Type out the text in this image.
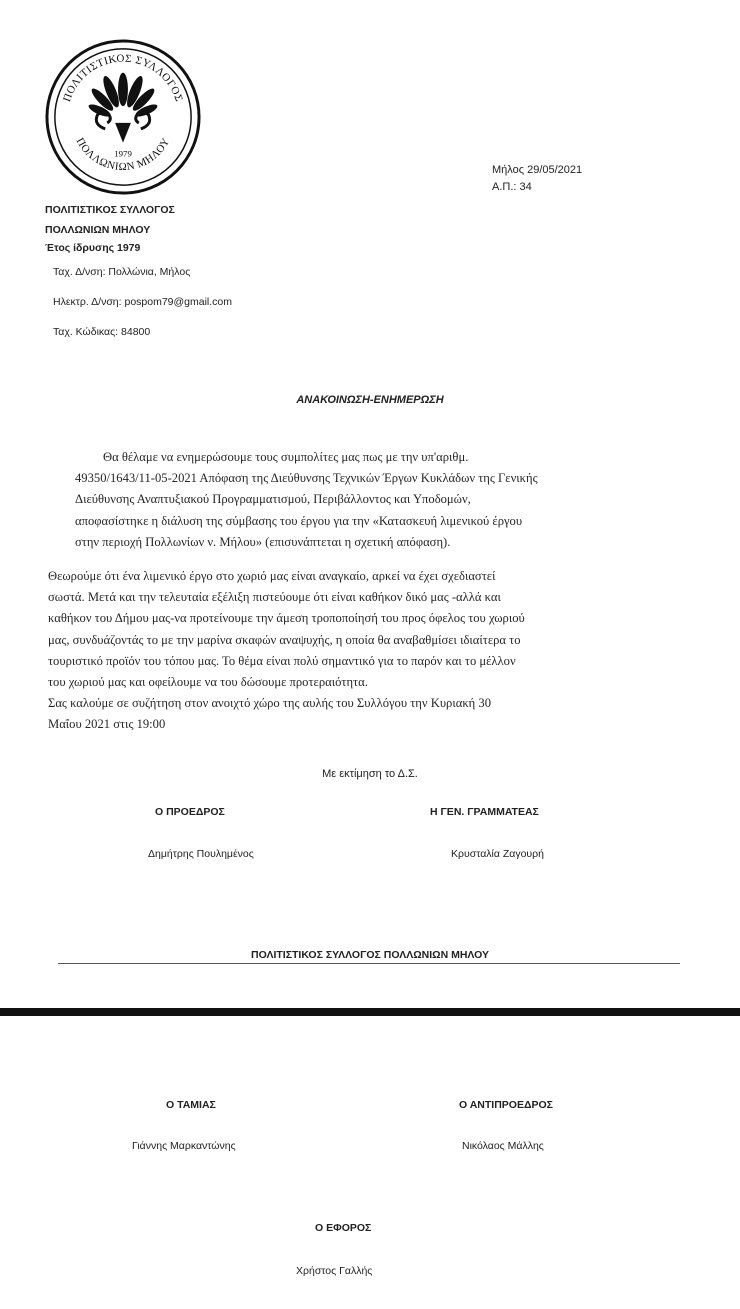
ΠΟΛΙΤΙΣΤΙΚΟΣ ΣΥΛΛΟΓΟΣ
ΠΟΛΛΩΝΙΩΝ ΜΗΛΟΥ
1979
Μήλος 29/05/2021
Α.Π.: 34
ΠΟΛΙΤΙΣΤΙΚΟΣ ΣΥΛΛΟΓΟΣ
ΠΟΛΛΩΝΙΩΝ ΜΗΛΟΥ
Έτος ίδρυσης 1979
Ταχ. Δ/νση: Πολλώνια, Μήλος
Ηλεκτρ. Δ/νση: pospom79@gmail.com
Ταχ. Κώδικας: 84800
ΑΝΑΚΟΙΝΩΣΗ-ΕΝΗΜΕΡΩΣΗ
Θα θέλαμε να ενημερώσουμε τους συμπολίτες μας πως με την υπ'αριθμ.
49350/1643/11-05-2021 Απόφαση της Διεύθυνσης Τεχνικών Έργων Κυκλάδων της Γενικής
Διεύθυνσης Αναπτυξιακού Προγραμματισμού, Περιβάλλοντος και Υποδομών,
αποφασίστηκε η διάλυση της σύμβασης του έργου για την «Κατασκευή λιμενικού έργου
στην περιοχή Πολλωνίων ν. Μήλου» (επισυνάπτεται η σχετική απόφαση).
Θεωρούμε ότι ένα λιμενικό έργο στο χωριό μας είναι αναγκαίο, αρκεί να έχει σχεδιαστεί
σωστά. Μετά και την τελευταία εξέλιξη πιστεύουμε ότι είναι καθήκον δικό μας -αλλά και
καθήκον του Δήμου μας-να προτείνουμε την άμεση τροποποίησή του προς όφελος του χωριού
μας, συνδυάζοντάς το με την μαρίνα σκαφών αναψυχής, η οποία θα αναβαθμίσει ιδιαίτερα το
τουριστικό προϊόν του τόπου μας. Το θέμα είναι πολύ σημαντικό για το παρόν και το μέλλον
του χωριού μας και οφείλουμε να του δώσουμε προτεραιότητα.
Σας καλούμε σε συζήτηση στον ανοιχτό χώρο της αυλής του Συλλόγου την Κυριακή 30
Μαΐου 2021 στις 19:00
Με εκτίμηση το Δ.Σ.
Ο ΠΡΟΕΔΡΟΣ	Η ΓΕΝ. ΓΡΑΜΜΑΤΕΑΣ
Δημήτρης Πουλημένος	Κρυσταλία Ζαγουρή
ΠΟΛΙΤΙΣΤΙΚΟΣ ΣΥΛΛΟΓΟΣ ΠΟΛΛΩΝΙΩΝ ΜΗΛΟΥ
Ο ΤΑΜΙΑΣ	Ο ΑΝΤΙΠΡΟΕΔΡΟΣ
Γιάννης Μαρκαντώνης	Νικόλαος Μάλλης
Ο ΕΦΟΡΟΣ
Χρήστος Γαλλής
